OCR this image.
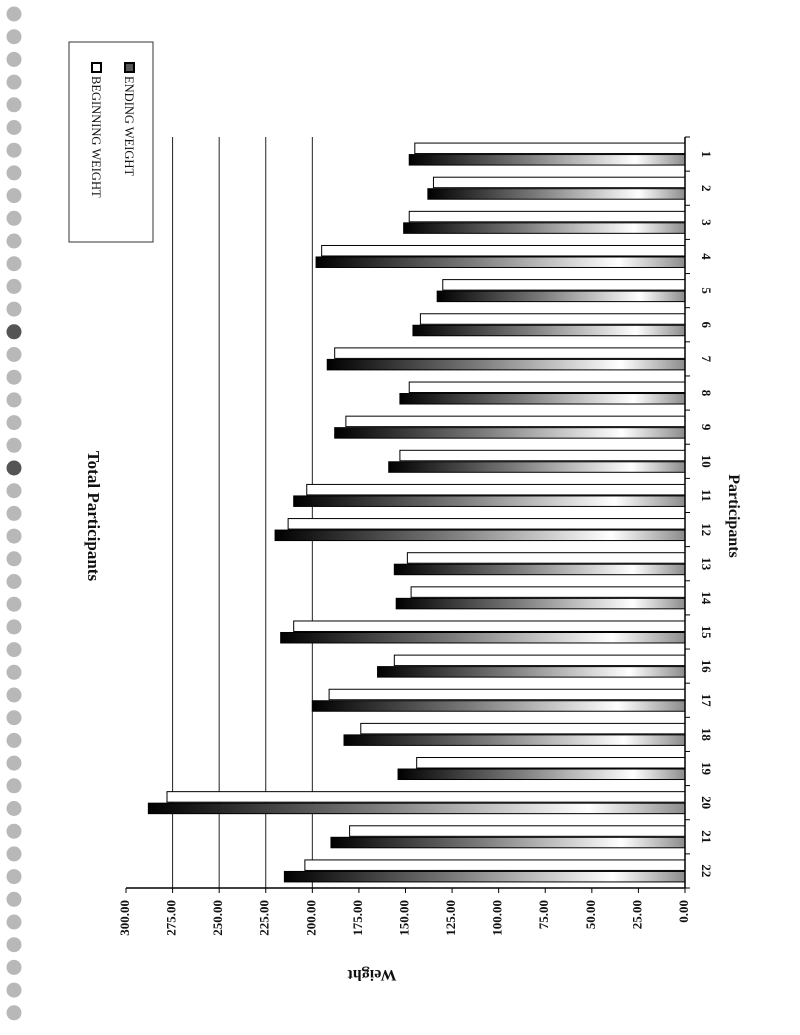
1
2
3
4
5
6
7
8
9
10
11
12
13
14
15
16
17
18
19
20
21
22
Total Participants	Participants
BEGINNING WEIGHT ENDING WEIGHT
0.00
25.00
50.00
75.00
100.00
125.00
150.00
175.00
200.00
225.00
250.00
275.00
300.00
Weight
